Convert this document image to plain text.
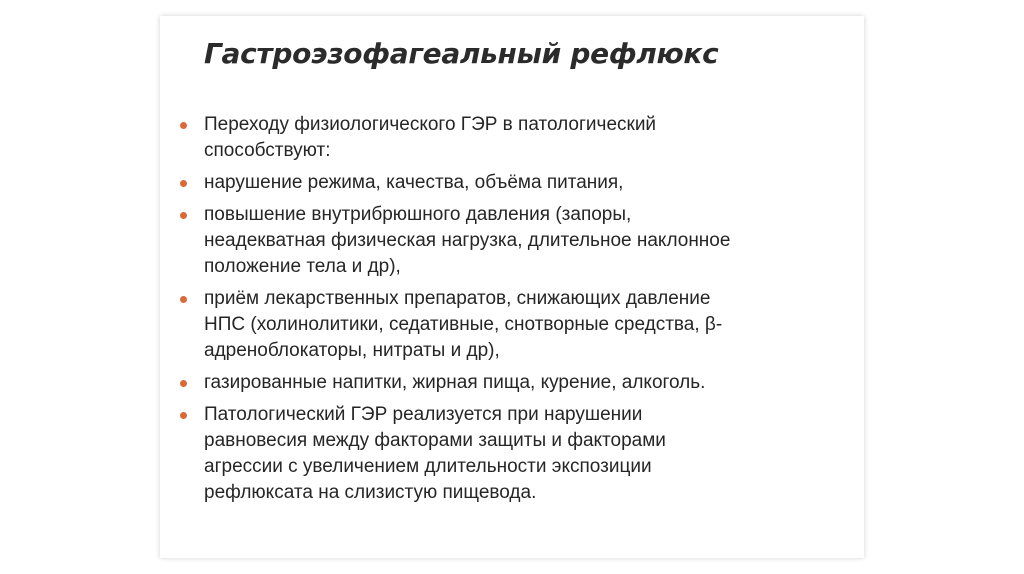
Гастроэзофагеальный рефлюкс
Переходу физиологического ГЭР в патологический
способствуют:
нарушение режима, качества, объёма питания,
повышение внутрибрюшного давления (запоры,
неадекватная физическая нагрузка, длительное наклонное
положение тела и др),
приём лекарственных препаратов, снижающих давление
НПС (холинолитики, седативные, снотворные средства, β-
адреноблокаторы, нитраты и др),
газированные напитки, жирная пища, курение, алкоголь.
Патологический ГЭР реализуется при нарушении
равновесия между факторами защиты и факторами
агрессии с увеличением длительности экспозиции
рефлюксата на слизистую пищевода.
